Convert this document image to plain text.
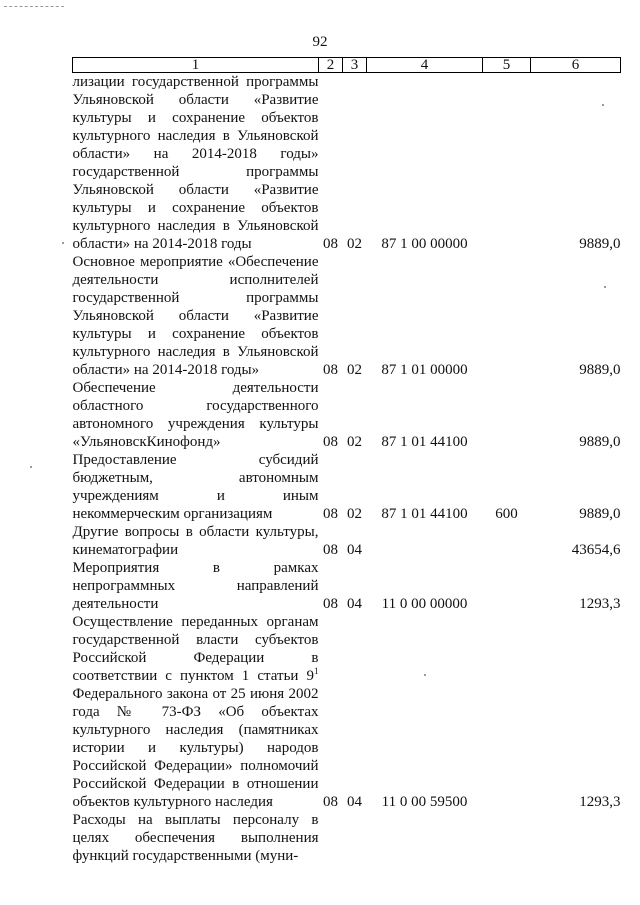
92
1	2	3	4	5	6
лизации государственной программы Ульяновской области «Развитие культуры и сохранение объектов культурного наследия в Ульяновской области» на 2014-2018 годы» государственной программы Ульяновской области «Развитие культуры и сохранение объектов культурного наследия в Ульяновской области» на 2014-2018 годы	08	02	87 1 00 00000		9889,0
Основное мероприятие «Обеспечение деятельности исполнителей государственной программы Ульяновской области «Развитие культуры и сохранение объектов культурного наследия в Ульяновской области» на 2014-2018 годы»	08	02	87 1 01 00000		9889,0
Обеспечение деятельности областного государственного автономного учреждения культуры «УльяновскКинофонд»	08	02	87 1 01 44100		9889,0
Предоставление субсидий бюджетным, автономным учреждениям и иным некоммерческим организациям	08	02	87 1 01 44100	600	9889,0
Другие вопросы в области культуры, кинематографии	08	04			43654,6
Мероприятия в рамках непрограммных направлений деятельности	08	04	11 0 00 00000		1293,3
Осуществление переданных органам государственной власти субъектов Российской Федерации в соответствии с пунктом 1 статьи $9^1$ Федерального закона от 25 июня 2002 года № 73-ФЗ «Об объектах культурного наследия (памятниках истории и культуры) народов Российской Федерации» полномочий Российской Федерации в отношении объектов культурного наследия	08	04	11 0 00 59500		1293,3
Расходы на выплаты персоналу в целях обеспечения выполнения функций государственными (муни-					
